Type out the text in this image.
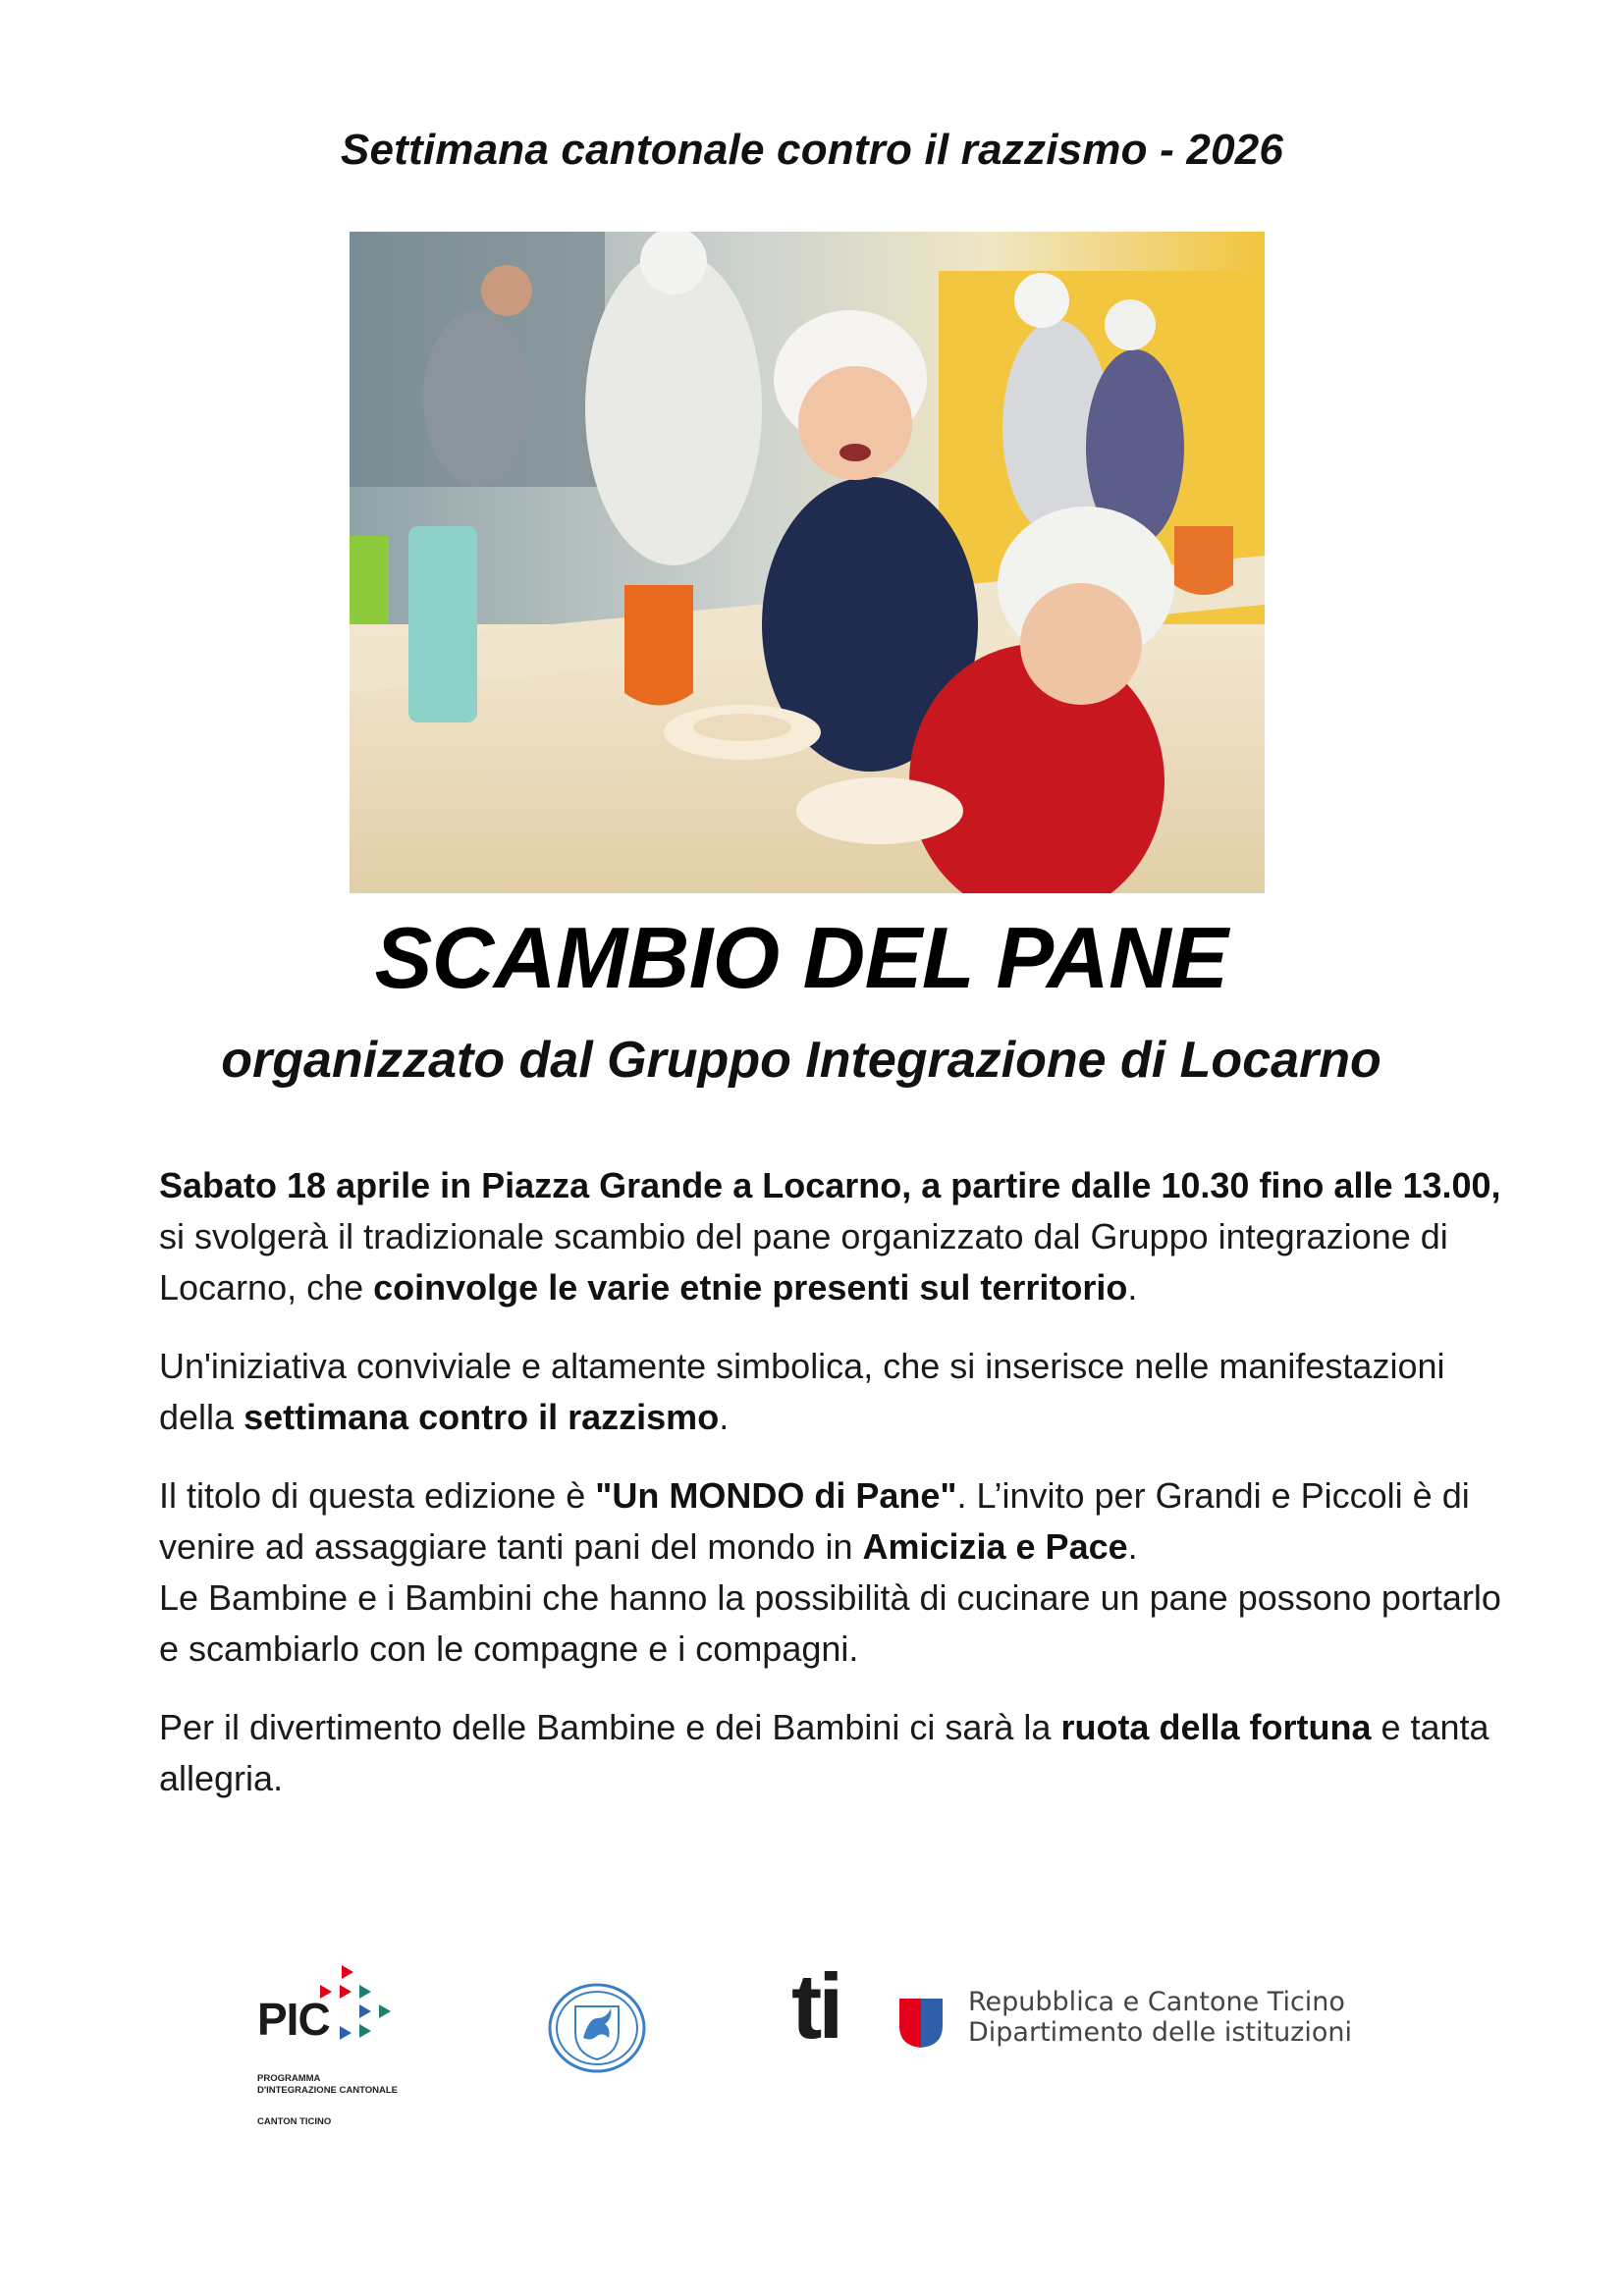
Settimana cantonale contro il razzismo - 2026
SCAMBIO DEL PANE
organizzato dal Gruppo Integrazione di Locarno

Sabato 18 aprile in Piazza Grande a Locarno, a partire dalle 10.30 fino alle 13.00, si svolgerà il tradizionale scambio del pane organizzato dal Gruppo integrazione di Locarno, che coinvolge le varie etnie presenti sul territorio.

Un'iniziativa conviviale e altamente simbolica, che si inserisce nelle manifestazioni della settimana contro il razzismo.

Il titolo di questa edizione è "Un MONDO di Pane". L’invito per Grandi e Piccoli è di venire ad assaggiare tanti pani del mondo in Amicizia e Pace.
Le Bambine e i Bambini che hanno la possibilità di cucinare un pane possono portarlo e scambiarlo con le compagne e i compagni.

Per il divertimento delle Bambine e dei Bambini ci sarà la ruota della fortuna e tanta allegria.

PIC
PROGRAMMA
D'INTEGRAZIONE CANTONALE
CANTON TICINO
ti	Repubblica e Cantone Ticino
Dipartimento delle istituzioni
